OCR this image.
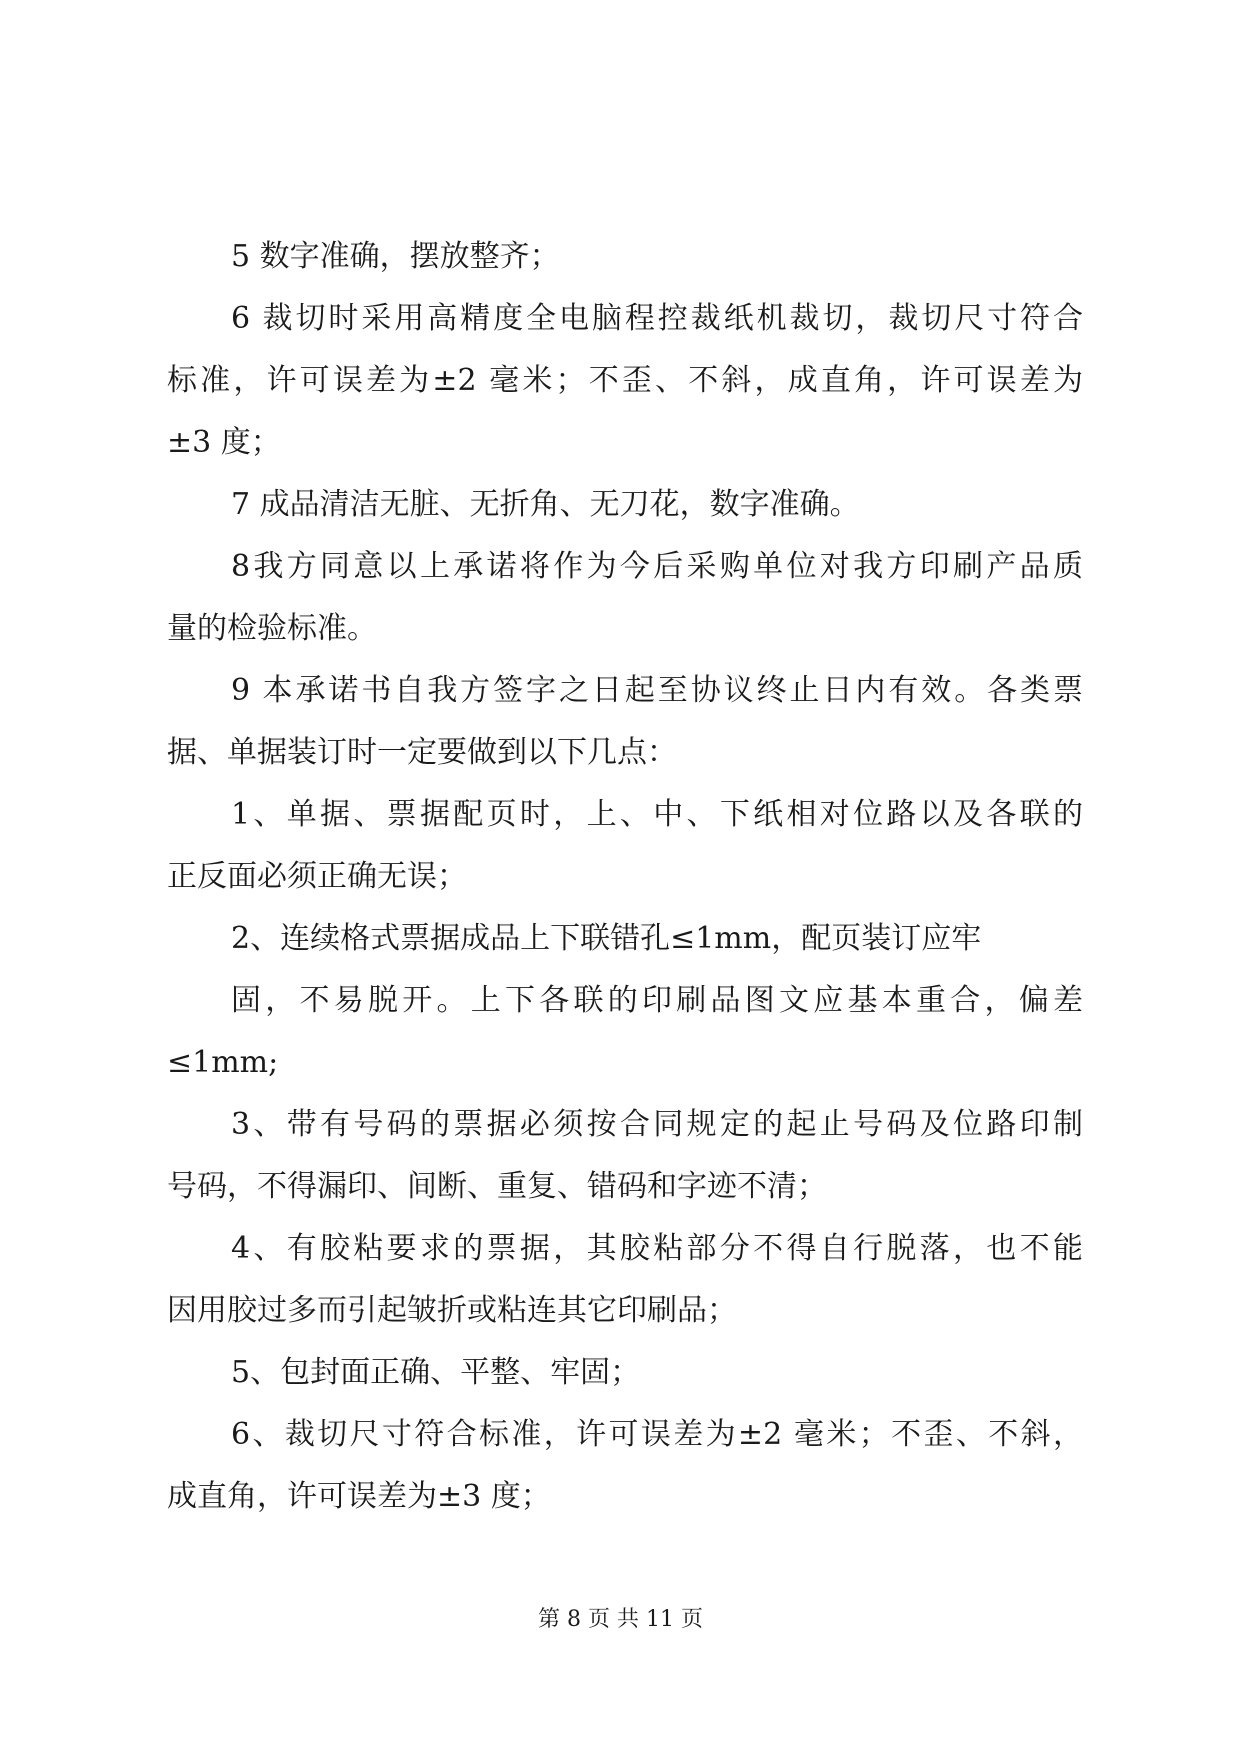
5 数字准确，摆放整齐；
6 裁切时采用高精度全电脑程控裁纸机裁切，裁切尺寸符合
标准，许可误差为±2 毫米；不歪、不斜，成直角，许可误差为
±3 度；
7 成品清洁无脏、无折角、无刀花，数字准确。
8我方同意以上承诺将作为今后采购单位对我方印刷产品质
量的检验标准。
9 本承诺书自我方签字之日起至协议终止日内有效。各类票
据、单据装订时一定要做到以下几点：
1、单据、票据配页时，上、中、下纸相对位路以及各联的
正反面必须正确无误；
2、连续格式票据成品上下联错孔≤1mm，配页装订应牢
固，不易脱开。上下各联的印刷品图文应基本重合，偏差
≤1mm;
3、带有号码的票据必须按合同规定的起止号码及位路印制
号码，不得漏印、间断、重复、错码和字迹不清；
4、有胶粘要求的票据，其胶粘部分不得自行脱落，也不能
因用胶过多而引起皱折或粘连其它印刷品；
5、包封面正确、平整、牢固；
6、裁切尺寸符合标准，许可误差为±2 毫米；不歪、不斜，
成直角，许可误差为±3 度；
第 8 页 共 11 页
